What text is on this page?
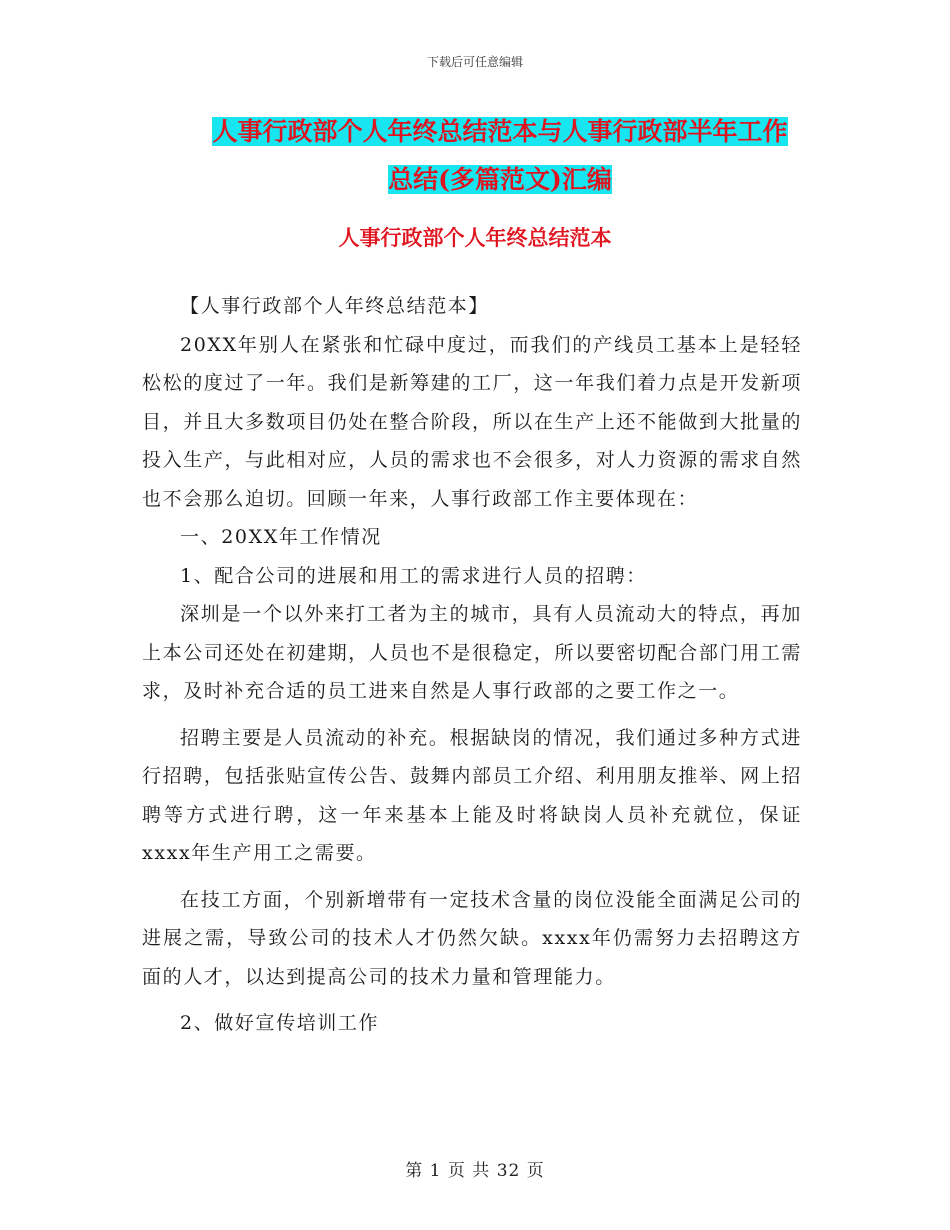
下载后可任意编辑
人事行政部个人年终总结范本与人事行政部半年工作
总结(多篇范文)汇编
人事行政部个人年终总结范本

【人事行政部个人年终总结范本】

20XX年别人在紧张和忙碌中度过，而我们的产线员工基本上是轻轻松松的度过了一年。我们是新筹建的工厂，这一年我们着力点是开发新项目，并且大多数项目仍处在整合阶段，所以在生产上还不能做到大批量的投入生产，与此相对应，人员的需求也不会很多，对人力资源的需求自然也不会那么迫切。回顾一年来，人事行政部工作主要体现在：

一、20XX年工作情况

1、配合公司的进展和用工的需求进行人员的招聘：

深圳是一个以外来打工者为主的城市，具有人员流动大的特点，再加上本公司还处在初建期，人员也不是很稳定，所以要密切配合部门用工需求，及时补充合适的员工进来自然是人事行政部的之要工作之一。

招聘主要是人员流动的补充。根据缺岗的情况，我们通过多种方式进行招聘，包括张贴宣传公告、鼓舞内部员工介绍、利用朋友推举、网上招聘等方式进行聘，这一年来基本上能及时将缺岗人员补充就位，保证xxxx年生产用工之需要。

在技工方面，个别新增带有一定技术含量的岗位没能全面满足公司的进展之需，导致公司的技术人才仍然欠缺。xxxx年仍需努力去招聘这方面的人才，以达到提高公司的技术力量和管理能力。

2、做好宣传培训工作

第 1 页 共 32 页
